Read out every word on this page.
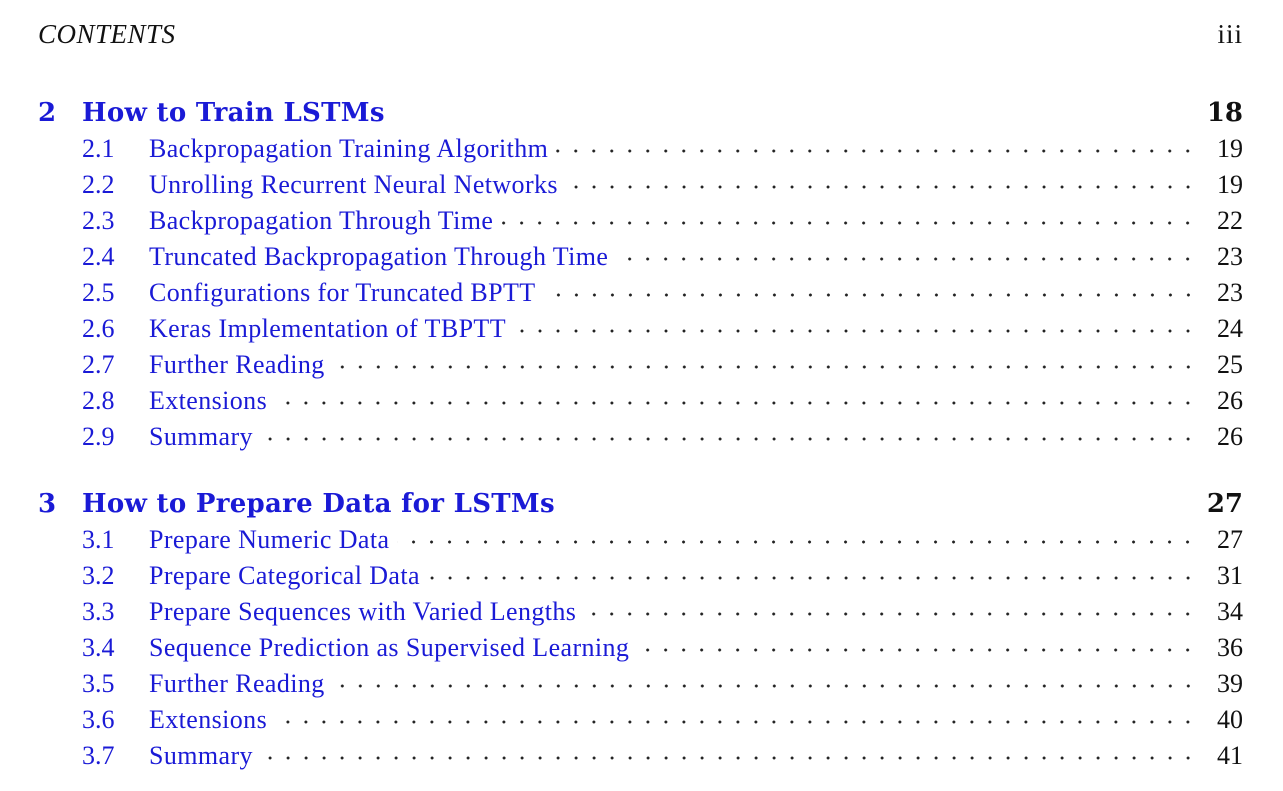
CONTENTS	iii
2 How to Train LSTMs	18
2.1	Backpropagation Training Algorithm	19
2.2	Unrolling Recurrent Neural Networks	19
2.3	Backpropagation Through Time	22
2.4	Truncated Backpropagation Through Time	23
2.5	Configurations for Truncated BPTT	23
2.6	Keras Implementation of TBPTT	24
2.7	Further Reading	25
2.8	Extensions	26
2.9	Summary	26
3 How to Prepare Data for LSTMs	27
3.1	Prepare Numeric Data	27
3.2	Prepare Categorical Data	31
3.3	Prepare Sequences with Varied Lengths	34
3.4	Sequence Prediction as Supervised Learning	36
3.5	Further Reading	39
3.6	Extensions	40
3.7	Summary	41
